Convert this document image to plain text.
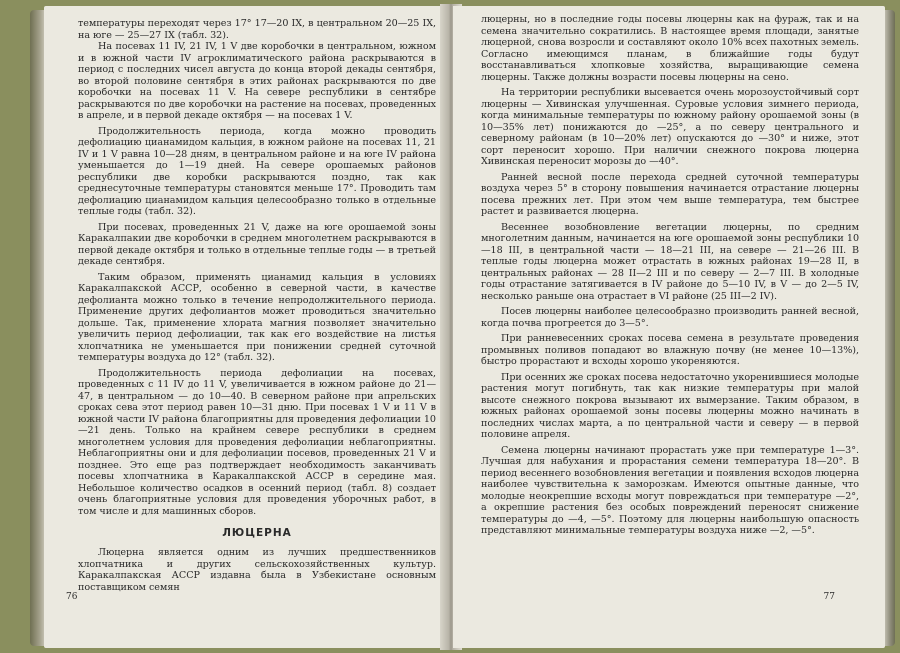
температуры переходят через 17° 17—20 IX, в центральном 20—25 IX, на юге — 25—27 IX (табл. 32).

На посевах 11 IV, 21 IV, 1 V две коробочки в центральном, южном и в южной части IV агроклиматического района раскрываются в период с последних чисел августа до конца второй декады сентября, во второй половине сентября в этих районах раскрываются по две коробочки на посевах 11 V. На севере республики в сентябре раскрываются по две коробочки на растение на посевах, проведенных в апреле, и в первой декаде октября — на посевах 1 V.

Продолжительность периода, когда можно проводить дефолиацию цианамидом кальция, в южном районе на посевах 11, 21 IV и 1 V равна 10—28 дням, в центральном районе и на юге IV района уменьшается до 1—19 дней. На севере орошаемых районов республики две коробки раскрываются поздно, так как среднесуточные температуры становятся меньше 17°. Проводить там дефолиацию цианамидом кальция целесообразно только в отдельные теплые годы (табл. 32).

При посевах, проведенных 21 V, даже на юге орошаемой зоны Каракалпакии две коробочки в среднем многолетнем раскрываются в первой декаде октября и только в отдельные теплые годы — в третьей декаде сентября.

Таким образом, применять цианамид кальция в условиях Каракалпакской АССР, особенно в северной части, в качестве дефолианта можно только в течение непродолжительного периода. Применение других дефолиантов может проводиться значительно дольше. Так, применение хлората магния позволяет значительно увеличить период дефолиации, так как его воздействие на листья хлопчатника не уменьшается при понижении средней суточной температуры воздуха до 12° (табл. 32).

Продолжительность периода дефолиации на посевах, проведенных с 11 IV до 11 V, увеличивается в южном районе до 21—47, в центральном — до 10—40. В северном районе при апрельских сроках сева этот период равен 10—31 дню. При посевах 1 V и 11 V в южной части IV района благоприятны для проведения дефолиации 10—21 день. Только на крайнем севере республики в среднем многолетнем условия для проведения дефолиации неблагоприятны. Неблагоприятны они и для дефолиации посевов, проведенных 21 V и позднее. Это еще раз подтверждает необходимость заканчивать посевы хлопчатника в Каракалпакской АССР в середине мая. Небольшое количество осадков в осенний период (табл. 8) создает очень благоприятные условия для проведения уборочных работ, в том числе и для машинных сборов.

ЛЮЦЕРНА

Люцерна является одним из лучших предшественников хлопчатника и других сельскохозяйственных культур. Каракалпакская АССР издавна была в Узбекистане основным поставщиком семян

76

люцерны, но в последние годы посевы люцерны как на фураж, так и на семена значительно сократились. В настоящее время площади, занятые люцерной, снова возросли и составляют около 10% всех пахотных земель. Согласно имеющимся планам, в ближайшие годы будут восстанавливаться хлопковые хозяйства, выращивающие семена люцерны. Также должны возрасти посевы люцерны на сено.

На территории республики высевается очень морозоустойчивый сорт люцерны — Хивинская улучшенная. Суровые условия зимнего периода, когда минимальные температуры по южному району орошаемой зоны (в 10—35% лет) понижаются до —25°, а по северу центрального и северному районам (в 10—20% лет) опускаются до —30° и ниже, этот сорт переносит хорошо. При наличии снежного покрова люцерна Хивинская переносит морозы до —40°.

Ранней весной после перехода средней суточной температуры воздуха через 5° в сторону повышения начинается отрастание люцерны посева прежних лет. При этом чем выше температура, тем быстрее растет и развивается люцерна.

Весеннее возобновление вегетации люцерны, по средним многолетним данным, начинается на юге орошаемой зоны республики 10—18 III, в центральной части — 18—21 III, на севере — 21—26 III. В теплые годы люцерна может отрастать в южных районах 19—28 II, в центральных районах — 28 II—2 III и по северу — 2—7 III. В холодные годы отрастание затягивается в IV районе до 5—10 IV, в V — до 2—5 IV, несколько раньше она отрастает в VI районе (25 III—2 IV).

Посев люцерны наиболее целесообразно производить ранней весной, когда почва прогреется до 3—5°.

При ранневесенних сроках посева семена в результате проведения промывных поливов попадают во влажную почву (не менее 10—13%), быстро прорастают и всходы хорошо укореняются.

При осенних же сроках посева недостаточно укоренившиеся молодые растения могут погибнуть, так как низкие температуры при малой высоте снежного покрова вызывают их вымерзание. Таким образом, в южных районах орошаемой зоны посевы люцерны можно начинать в последних числах марта, а по центральной части и северу — в первой половине апреля.

Семена люцерны начинают прорастать уже при температуре 1—3°. Лучшая для набухания и прорастания семени температура 18—20°. В период весеннего возобновления вегетации и появления всходов люцерна наиболее чувствительна к заморозкам. Имеются опытные данные, что молодые неокрепшие всходы могут повреждаться при температуре —2°, а окрепшие растения без особых повреждений переносят снижение температуры до —4, —5°. Поэтому для люцерны наибольшую опасность представляют минимальные температуры воздуха ниже —2, —5°.

77
